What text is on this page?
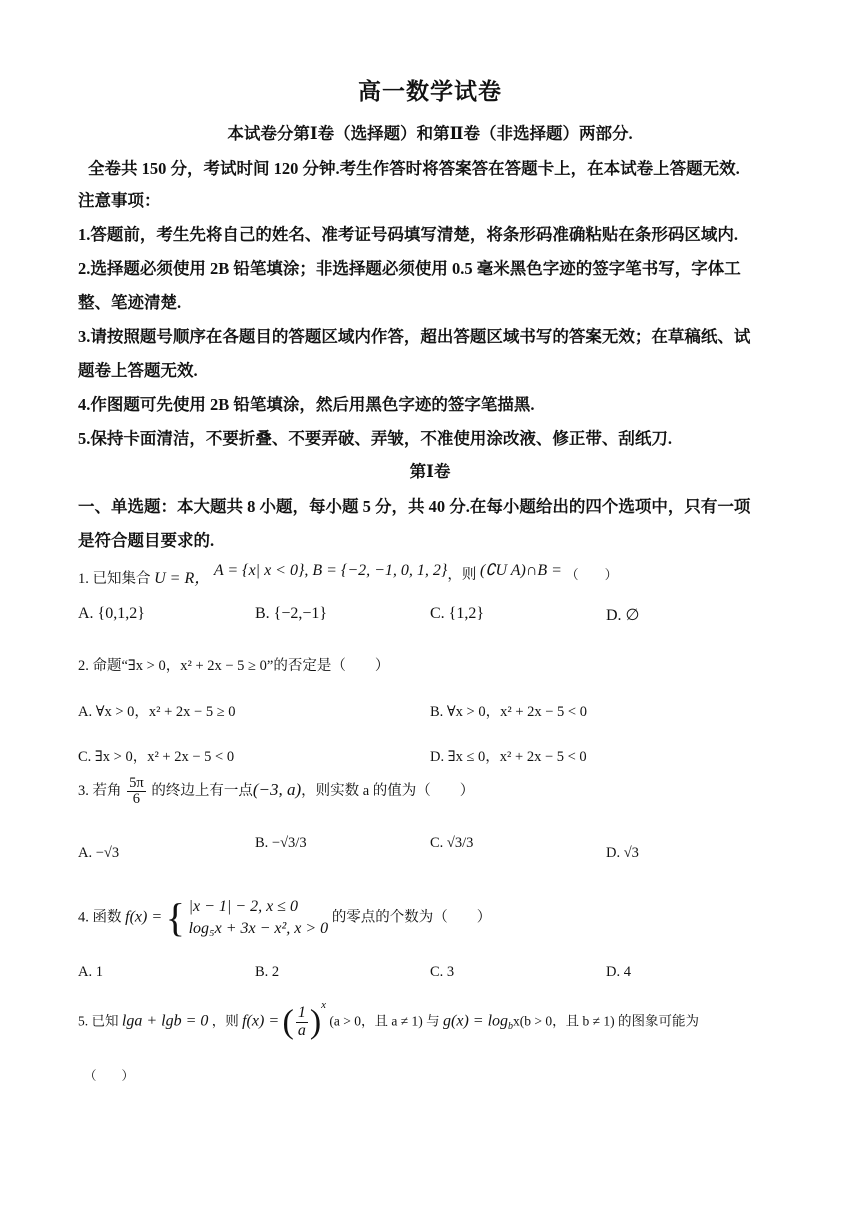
高一数学试卷
本试卷分第Ⅰ卷（选择题）和第Ⅱ卷（非选择题）两部分.
全卷共 150 分，考试时间 120 分钟.考生作答时将答案答在答题卡上，在本试卷上答题无效.
注意事项：
1.答题前，考生先将自己的姓名、准考证号码填写清楚，将条形码准确粘贴在条形码区域内.
2.选择题必须使用 2B 铅笔填涂；非选择题必须使用 0.5 毫米黑色字迹的签字笔书写，字体工
整、笔迹清楚.
3.请按照题号顺序在各题目的答题区域内作答，超出答题区域书写的答案无效；在草稿纸、试
题卷上答题无效.
4.作图题可先使用 2B 铅笔填涂，然后用黑色字迹的签字笔描黑.
5.保持卡面清洁，不要折叠、不要弄破、弄皱，不准使用涂改液、修正带、刮纸刀.
第Ⅰ卷
一、单选题：本大题共 8 小题，每小题 5 分，共 40 分.在每小题给出的四个选项中，只有一项
是符合题目要求的.
1. 已知集合 U = R， A = {x| x < 0}, B = {−2, −1, 0, 1, 2}，则 (∁U A)∩B = （　　）
A. {0,1,2}	B. {−2,−1}	C. {1,2}	D. ∅
2. 命题“∃x > 0，x² + 2x − 5 ≥ 0”的否定是（　　）
A. ∀x > 0，x² + 2x − 5 ≥ 0	B. ∀x > 0，x² + 2x − 5 < 0
C. ∃x > 0，x² + 2x − 5 < 0	D. ∃x ≤ 0，x² + 2x − 5 < 0
3. 若角 $\frac{5\pi}{6}$ 的终边上有一点(−3, a)，则实数 a 的值为（　　）
A. −√3
B. −√3/3	C. √3/3
D. √3
4. 函数 f(x) = { |x − 1| − 2, x ≤ 0
log₅x + 3x − x², x > 0
的零点的个数为（　　）
A. 1	B. 2	C. 3	D. 4
5. 已知 lga + lgb = 0 ，则 f(x) = ( $\frac{1}{a} )^x$ (a > 0，且 a ≠ 1) 与 $g(x) = \log_bx(b > 0$，且 b ≠ 1) 的图象可能为
（　　）
